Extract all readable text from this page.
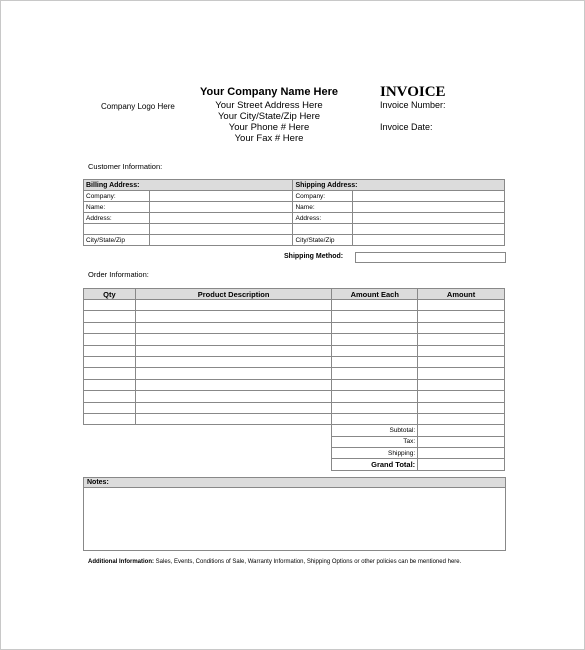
Company Logo Here
Your Company Name Here
Your Street Address Here
Your City/State/Zip Here
Your Phone # Here
Your Fax # Here
INVOICE
Invoice Number:
Invoice Date:
Customer Information:
Billing Address:		Shipping Address:	
Company:		Company:	
Name:		Name:	
Address:		Address:	

City/State/Zip		City/State/Zip	
Shipping Method:
Order Information:
Qty	Product Description	Amount Each	Amount

		Subtotal:	
		Tax:	
		Shipping:	
		Grand Total:	
Notes:
Additional Information: Sales, Events, Conditions of Sale, Warranty Information, Shipping Options or other policies can be mentioned here.
